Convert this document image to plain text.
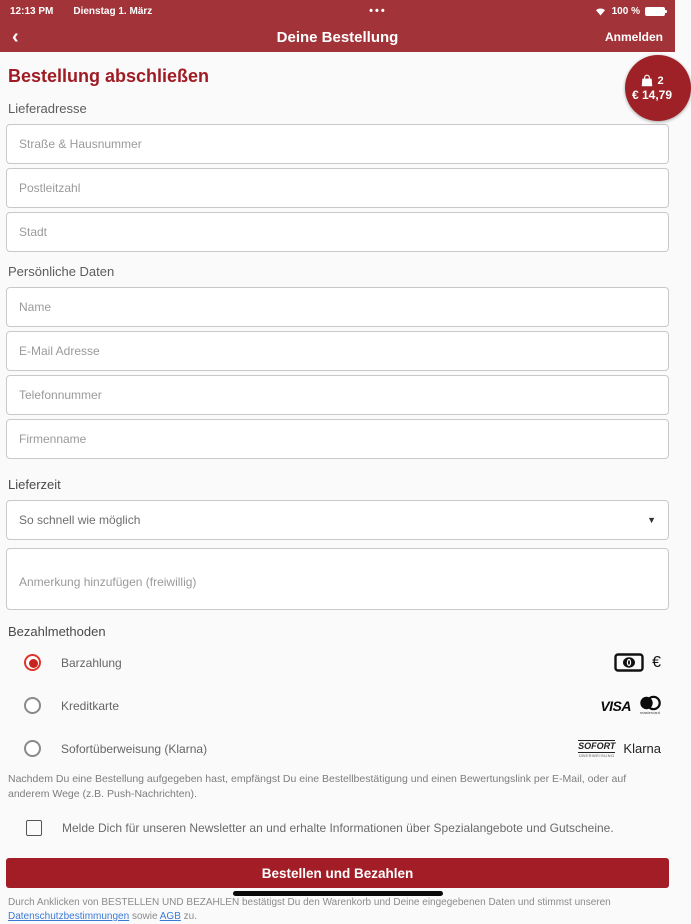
12:13 PM Dienstag 1. März	•••	100 %
‹	Deine Bestellung	Anmelden
Bestellung abschließen	2
€ 14,79
Lieferadresse
Straße & Hausnummer
Postleitzahl
Stadt
Persönliche Daten
Name
E-Mail Adresse
Telefonnummer
Firmenname
Lieferzeit
So schnell wie möglich	▼
Anmerkung hinzufügen (freiwillig)
Bezahlmethoden
Barzahlung	€
Kreditkarte	VISA mastercard
Sofortüberweisung (Klarna)	SOFORT
ÜBERWEISUNG Klarna
Nachdem Du eine Bestellung aufgegeben hast, empfängst Du eine Bestellbestätigung und einen Bewertungslink per E-Mail, oder auf anderem Wege (z.B. Push-Nachrichten).
Melde Dich für unseren Newsletter an und erhalte Informationen über Spezialangebote und Gutscheine.
Bestellen und Bezahlen
Durch Anklicken von BESTELLEN UND BEZAHLEN bestätigst Du den Warenkorb und Deine eingegebenen Daten und stimmst unseren Datenschutzbestimmungen sowie AGB zu.
